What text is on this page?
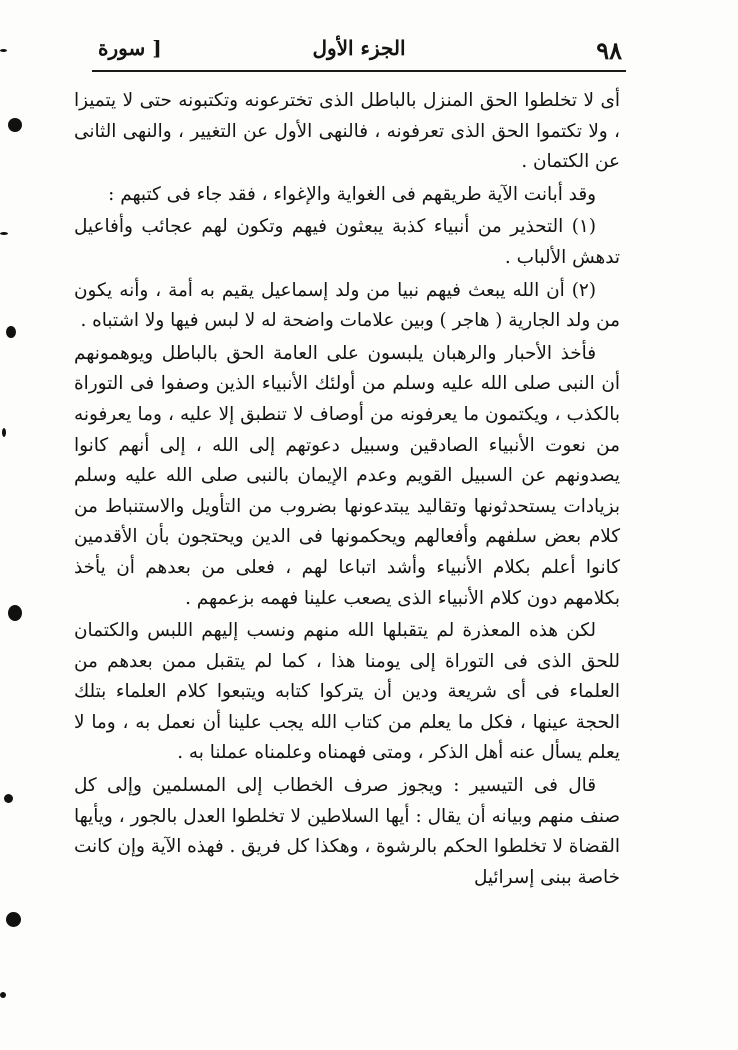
٩٨
الجزء الأول
[ سورة

أى لا تخلطوا الحق المنزل بالباطل الذى تخترعونه وتكتبونه حتى لا يتميزا ، ولا تكتموا الحق الذى تعرفونه ، فالنهى الأول عن التغيير ، والنهى الثانى عن الكتمان .

وقد أبانت الآية طريقهم فى الغواية والإغواء ، فقد جاء فى كتبهم :

(١) التحذير من أنبياء كذبة يبعثون فيهم وتكون لهم عجائب وأفاعيل تدهش الألباب .

(٢) أن الله يبعث فيهم نبيا من ولد إسماعيل يقيم به أمة ، وأنه يكون من ولد الجارية ( هاجر ) وبين علامات واضحة له لا لبس فيها ولا اشتباه .

فأخذ الأحبار والرهبان يلبسون على العامة الحق بالباطل ويوهمونهم أن النبى صلى الله عليه وسلم من أولئك الأنبياء الذين وصفوا فى التوراة بالكذب ، ويكتمون ما يعرفونه من أوصاف لا تنطبق إلا عليه ، وما يعرفونه من نعوت الأنبياء الصادقين وسبيل دعوتهم إلى الله ، إلى أنهم كانوا يصدونهم عن السبيل القويم وعدم الإيمان بالنبى صلى الله عليه وسلم بزيادات يستحدثونها وتقاليد يبتدعونها بضروب من التأويل والاستنباط من كلام بعض سلفهم وأفعالهم ويحكمونها فى الدين ويحتجون بأن الأقدمين كانوا أعلم بكلام الأنبياء وأشد اتباعا لهم ، فعلى من بعدهم أن يأخذ بكلامهم دون كلام الأنبياء الذى يصعب علينا فهمه بزعمهم .

لكن هذه المعذرة لم يتقبلها الله منهم ونسب إليهم اللبس والكتمان للحق الذى فى التوراة إلى يومنا هذا ، كما لم يتقبل ممن بعدهم من العلماء فى أى شريعة ودين أن يتركوا كتابه ويتبعوا كلام العلماء بتلك الحجة عينها ، فكل ما يعلم من كتاب الله يجب علينا أن نعمل به ، وما لا يعلم يسأل عنه أهل الذكر ، ومتى فهمناه وعلمناه عملنا به .

قال فى التيسير : ويجوز صرف الخطاب إلى المسلمين وإلى كل صنف منهم وبيانه أن يقال : أيها السلاطين لا تخلطوا العدل بالجور ، ويأيها القضاة لا تخلطوا الحكم بالرشوة ، وهكذا كل فريق . فهذه الآية وإن كانت خاصة ببنى إسرائيل
